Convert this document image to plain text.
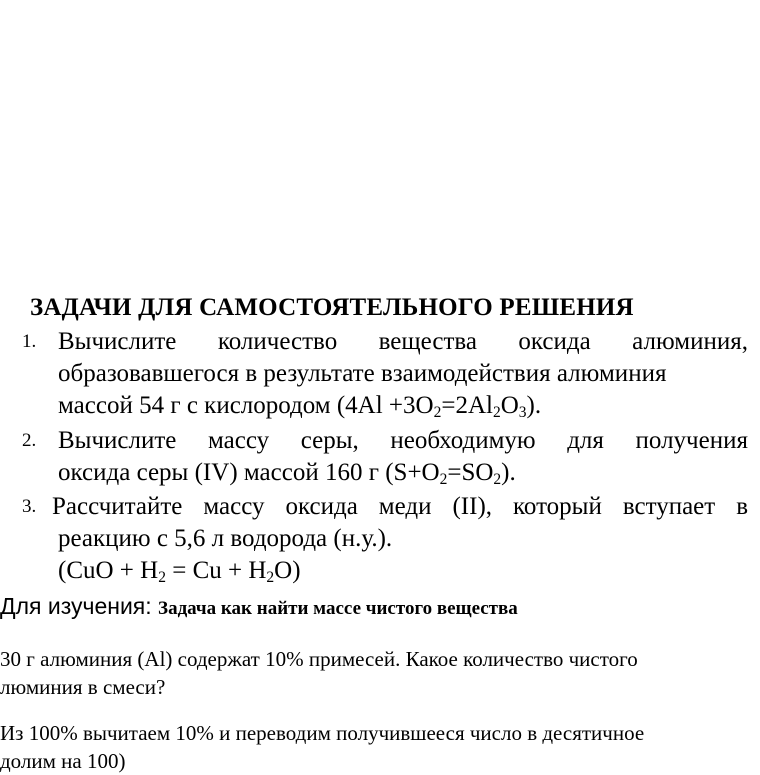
ЗАДАЧИ ДЛЯ САМОСТОЯТЕЛЬНОГО РЕШЕНИЯ
1. Вычислите количество вещества оксида алюминия,
образовавшегося в результате взаимодействия алюминия
массой 54 г с кислородом $(4Al +3O_2=2Al_2O_3)$.
2. Вычислите массу серы, необходимую для получения
оксида серы (IV) массой 160 г $(S+O_2=SO_2)$.
3. Рассчитайте массу оксида меди (II), который вступает в
реакцию с 5,6 л водорода (н.у.).
$(CuO + H_2 = Cu + H_2O)$
Для изучения: Задача как найти массе чистого вещества
30 г алюминия (Al) содержат 10% примесей. Какое количество чистого
люминия в смеси?
Из 100% вычитаем 10% и переводим получившееся число в десятичное
долим на 100)
